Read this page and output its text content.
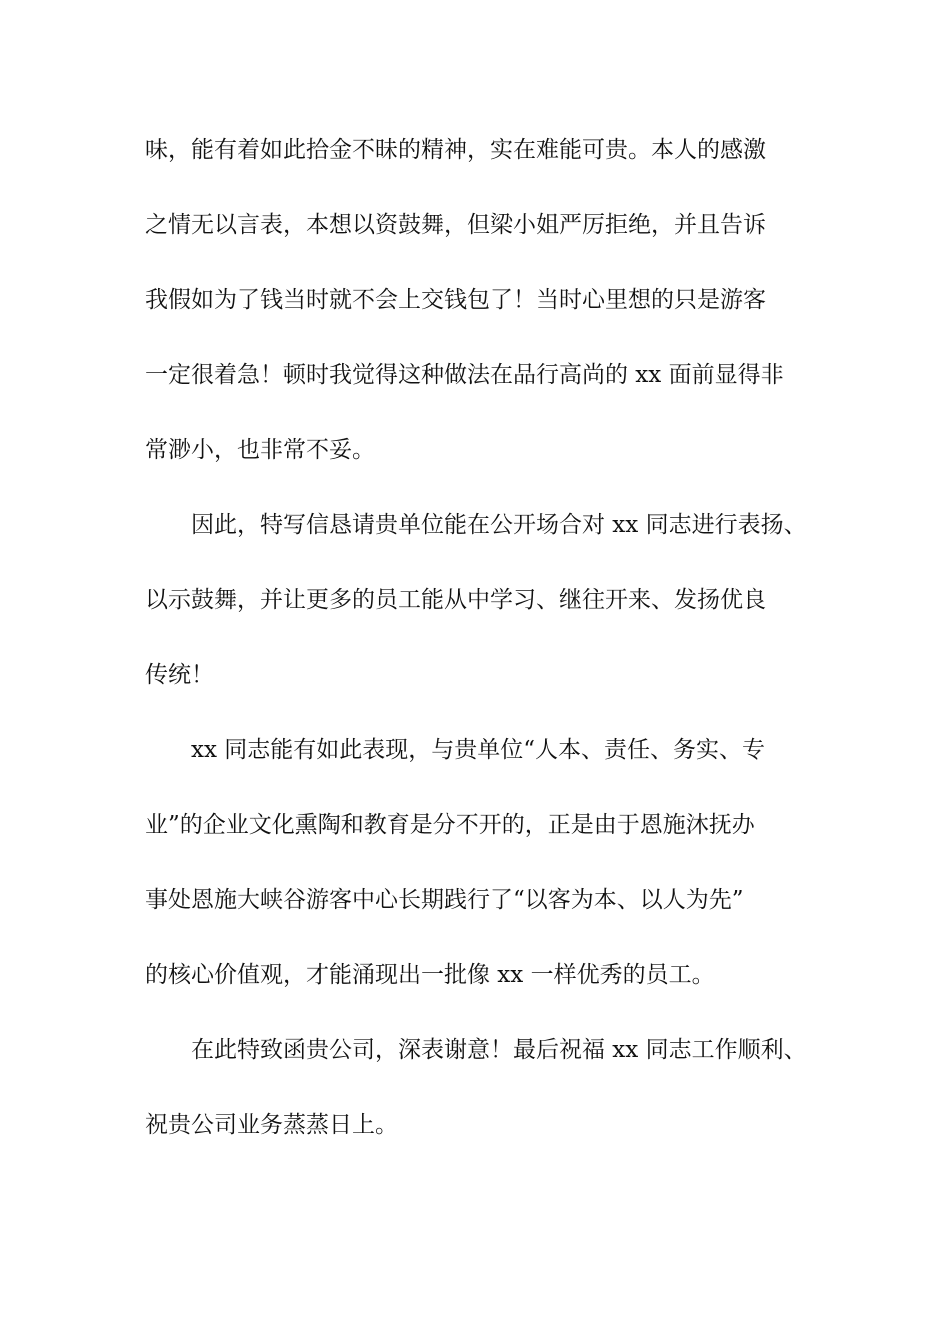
味，能有着如此拾金不昧的精神，实在难能可贵。本人的感激
之情无以言表，本想以资鼓舞，但梁小姐严厉拒绝，并且告诉
我假如为了钱当时就不会上交钱包了！当时心里想的只是游客
一定很着急！顿时我觉得这种做法在品行高尚的 xx 面前显得非
常渺小，也非常不妥。
因此，特写信恳请贵单位能在公开场合对 xx 同志进行表扬、
以示鼓舞，并让更多的员工能从中学习、继往开来、发扬优良
传统！
xx 同志能有如此表现，与贵单位“人本、责任、务实、专
业”的企业文化熏陶和教育是分不开的，正是由于恩施沐抚办
事处恩施大峡谷游客中心长期践行了“以客为本、以人为先”
的核心价值观，才能涌现出一批像 xx 一样优秀的员工。
在此特致函贵公司，深表谢意！最后祝福 xx 同志工作顺利、
祝贵公司业务蒸蒸日上。
